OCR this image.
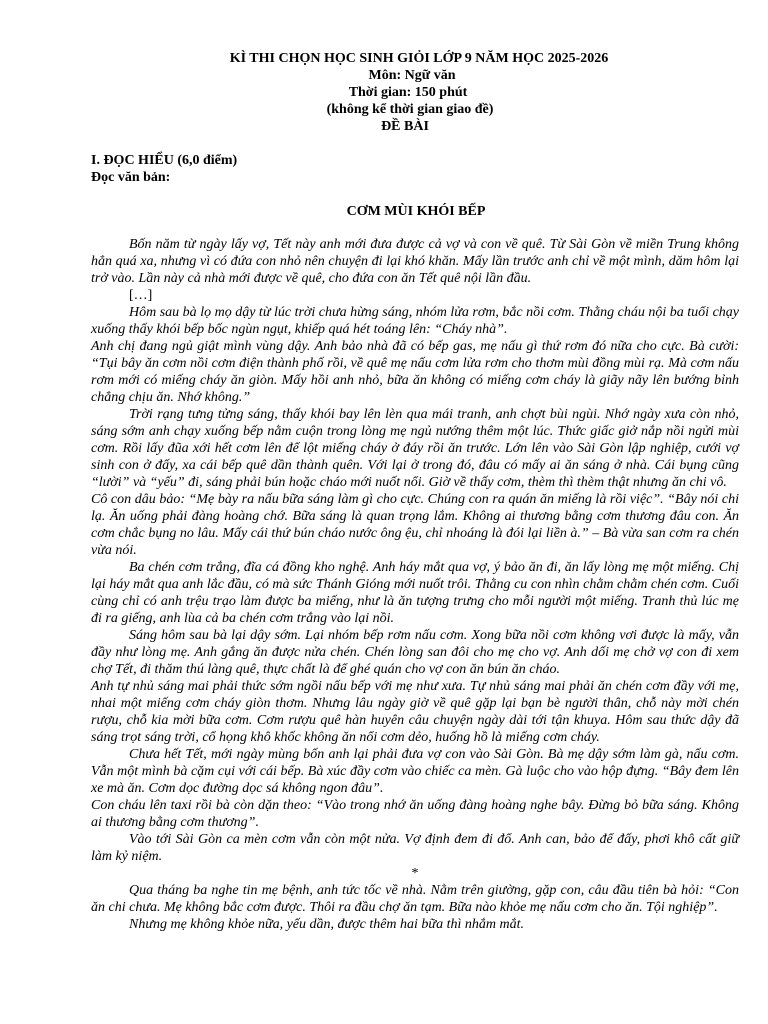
KÌ THI CHỌN HỌC SINH GIỎI LỚP 9 NĂM HỌC 2025-2026
Môn: Ngữ văn
Thời gian: 150 phút
(không kể thời gian giao đề)
ĐỀ BÀI
I. ĐỌC HIỂU (6,0 điểm)
Đọc văn bản:
CƠM MÙI KHÓI BẾP

Bốn năm từ ngày lấy vợ, Tết này anh mới đưa được cả vợ và con về quê. Từ Sài Gòn về miền Trung không hẳn quá xa, nhưng vì có đứa con nhỏ nên chuyện đi lại khó khăn. Mấy lần trước anh chỉ về một mình, dăm hôm lại trở vào. Lần này cả nhà mới được về quê, cho đứa con ăn Tết quê nội lần đầu.

[…]

Hôm sau bà lọ mọ dậy từ lúc trời chưa hừng sáng, nhóm lửa rơm, bắc nồi cơm. Thằng cháu nội ba tuổi chạy xuống thấy khói bếp bốc ngùn ngụt, khiếp quá hét toáng lên: “Cháy nhà”.

Anh chị đang ngủ giật mình vùng dậy. Anh bảo nhà đã có bếp gas, mẹ nấu gì thứ rơm đó nữa cho cực. Bà cười: “Tụi bây ăn cơm nồi cơm điện thành phố rồi, về quê mẹ nấu cơm lửa rơm cho thơm mùi đồng mùi rạ. Mà cơm nấu rơm mới có miếng cháy ăn giòn. Mấy hồi anh nhỏ, bữa ăn không có miếng cơm cháy là giãy nãy lên bướng bỉnh chẳng chịu ăn. Nhớ không.”

Trời rạng tưng tửng sáng, thấy khói bay lên lèn qua mái tranh, anh chợt bùi ngùi. Nhớ ngày xưa còn nhỏ, sáng sớm anh chạy xuống bếp nằm cuộn trong lòng mẹ ngủ nướng thêm một lúc. Thức giấc giở nắp nồi ngửi mùi cơm. Rồi lấy đũa xới hết cơm lên để lột miếng cháy ở đáy rồi ăn trước. Lớn lên vào Sài Gòn lập nghiệp, cưới vợ sinh con ở đấy, xa cái bếp quê dần thành quên. Với lại ở trong đó, đâu có mấy ai ăn sáng ở nhà. Cái bụng cũng “lười” và “yếu” đi, sáng phải bún hoặc cháo mới nuốt nổi. Giờ về thấy cơm, thèm thì thèm thật nhưng ăn chi vô.

Cô con dâu bảo: “Mẹ bày ra nấu bữa sáng làm gì cho cực. Chúng con ra quán ăn miếng là rồi việc”. “Bây nói chi lạ. Ăn uống phải đàng hoàng chớ. Bữa sáng là quan trọng lắm. Không ai thương bằng cơm thương đâu con. Ăn cơm chắc bụng no lâu. Mấy cái thứ bún cháo nước ông ệu, chỉ nhoáng là đói lại liền à.” – Bà vừa san cơm ra chén vừa nói.

Ba chén cơm trắng, đĩa cá đồng kho nghệ. Anh háy mắt qua vợ, ý bảo ăn đi, ăn lấy lòng mẹ một miếng. Chị lại háy mắt qua anh lắc đầu, có mà sức Thánh Gióng mới nuốt trôi. Thằng cu con nhìn chằm chằm chén cơm. Cuối cùng chỉ có anh trệu trạo làm được ba miếng, như là ăn tượng trưng cho mỗi người một miếng. Tranh thủ lúc mẹ đi ra giếng, anh lùa cả ba chén cơm trắng vào lại nồi.

Sáng hôm sau bà lại dậy sớm. Lại nhóm bếp rơm nấu cơm. Xong bữa nồi cơm không vơi được là mấy, vẫn đầy như lòng mẹ. Anh gắng ăn được nửa chén. Chén lòng san đôi cho mẹ cho vợ. Anh dối mẹ chở vợ con đi xem chợ Tết, đi thăm thú làng quê, thực chất là để ghé quán cho vợ con ăn bún ăn cháo.

Anh tự nhủ sáng mai phải thức sớm ngồi nấu bếp với mẹ như xưa. Tự nhủ sáng mai phải ăn chén cơm đầy với mẹ, nhai một miếng cơm cháy giòn thơm. Nhưng lâu ngày giờ về quê gặp lại bạn bè người thân, chỗ này mời chén rượu, chỗ kia mời bữa cơm. Cơm rượu quê hàn huyên câu chuyện ngày dài tới tận khuya. Hôm sau thức dậy đã sáng trọt sáng trời, cổ họng khô khốc không ăn nổi cơm dẻo, huống hồ là miếng cơm cháy.

Chưa hết Tết, mới ngày mùng bốn anh lại phải đưa vợ con vào Sài Gòn. Bà mẹ dậy sớm làm gà, nấu cơm. Vẫn một mình bà cặm cụi với cái bếp. Bà xúc đầy cơm vào chiếc ca mèn. Gà luộc cho vào hộp đựng. “Bây đem lên xe mà ăn. Cơm dọc đường dọc sá không ngon đâu”.

Con cháu lên taxi rồi bà còn dặn theo: “Vào trong nhớ ăn uống đàng hoàng nghe bây. Đừng bỏ bữa sáng. Không ai thương bằng cơm thương”.

Vào tới Sài Gòn ca mèn cơm vẫn còn một nửa. Vợ định đem đi đổ. Anh can, bảo để đấy, phơi khô cất giữ làm kỷ niệm.

*

Qua tháng ba nghe tin mẹ bệnh, anh tức tốc về nhà. Nằm trên giường, gặp con, câu đầu tiên bà hỏi: “Con ăn chi chưa. Mẹ không bắc cơm được. Thôi ra đầu chợ ăn tạm. Bữa nào khỏe mẹ nấu cơm cho ăn. Tội nghiệp”.

Nhưng mẹ không khỏe nữa, yếu dần, được thêm hai bữa thì nhắm mắt.
